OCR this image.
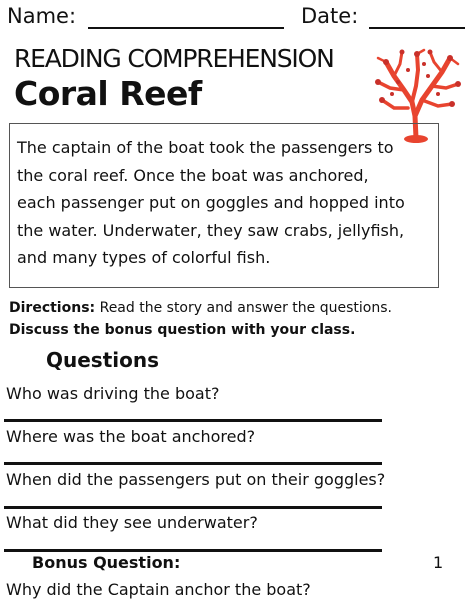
Name:	Date:
READING COMPREHENSION
Coral Reef
The captain of the boat took the passengers to
the coral reef. Once the boat was anchored,
each passenger put on goggles and hopped into
the water. Underwater, they saw crabs, jellyfish,
and many types of colorful fish.
Directions: Read the story and answer the questions.
Discuss the bonus question with your class.
Questions
Who was driving the boat?
Where was the boat anchored?
When did the passengers put on their goggles?
What did they see underwater?
Bonus Question:	1
Why did the Captain anchor the boat?
